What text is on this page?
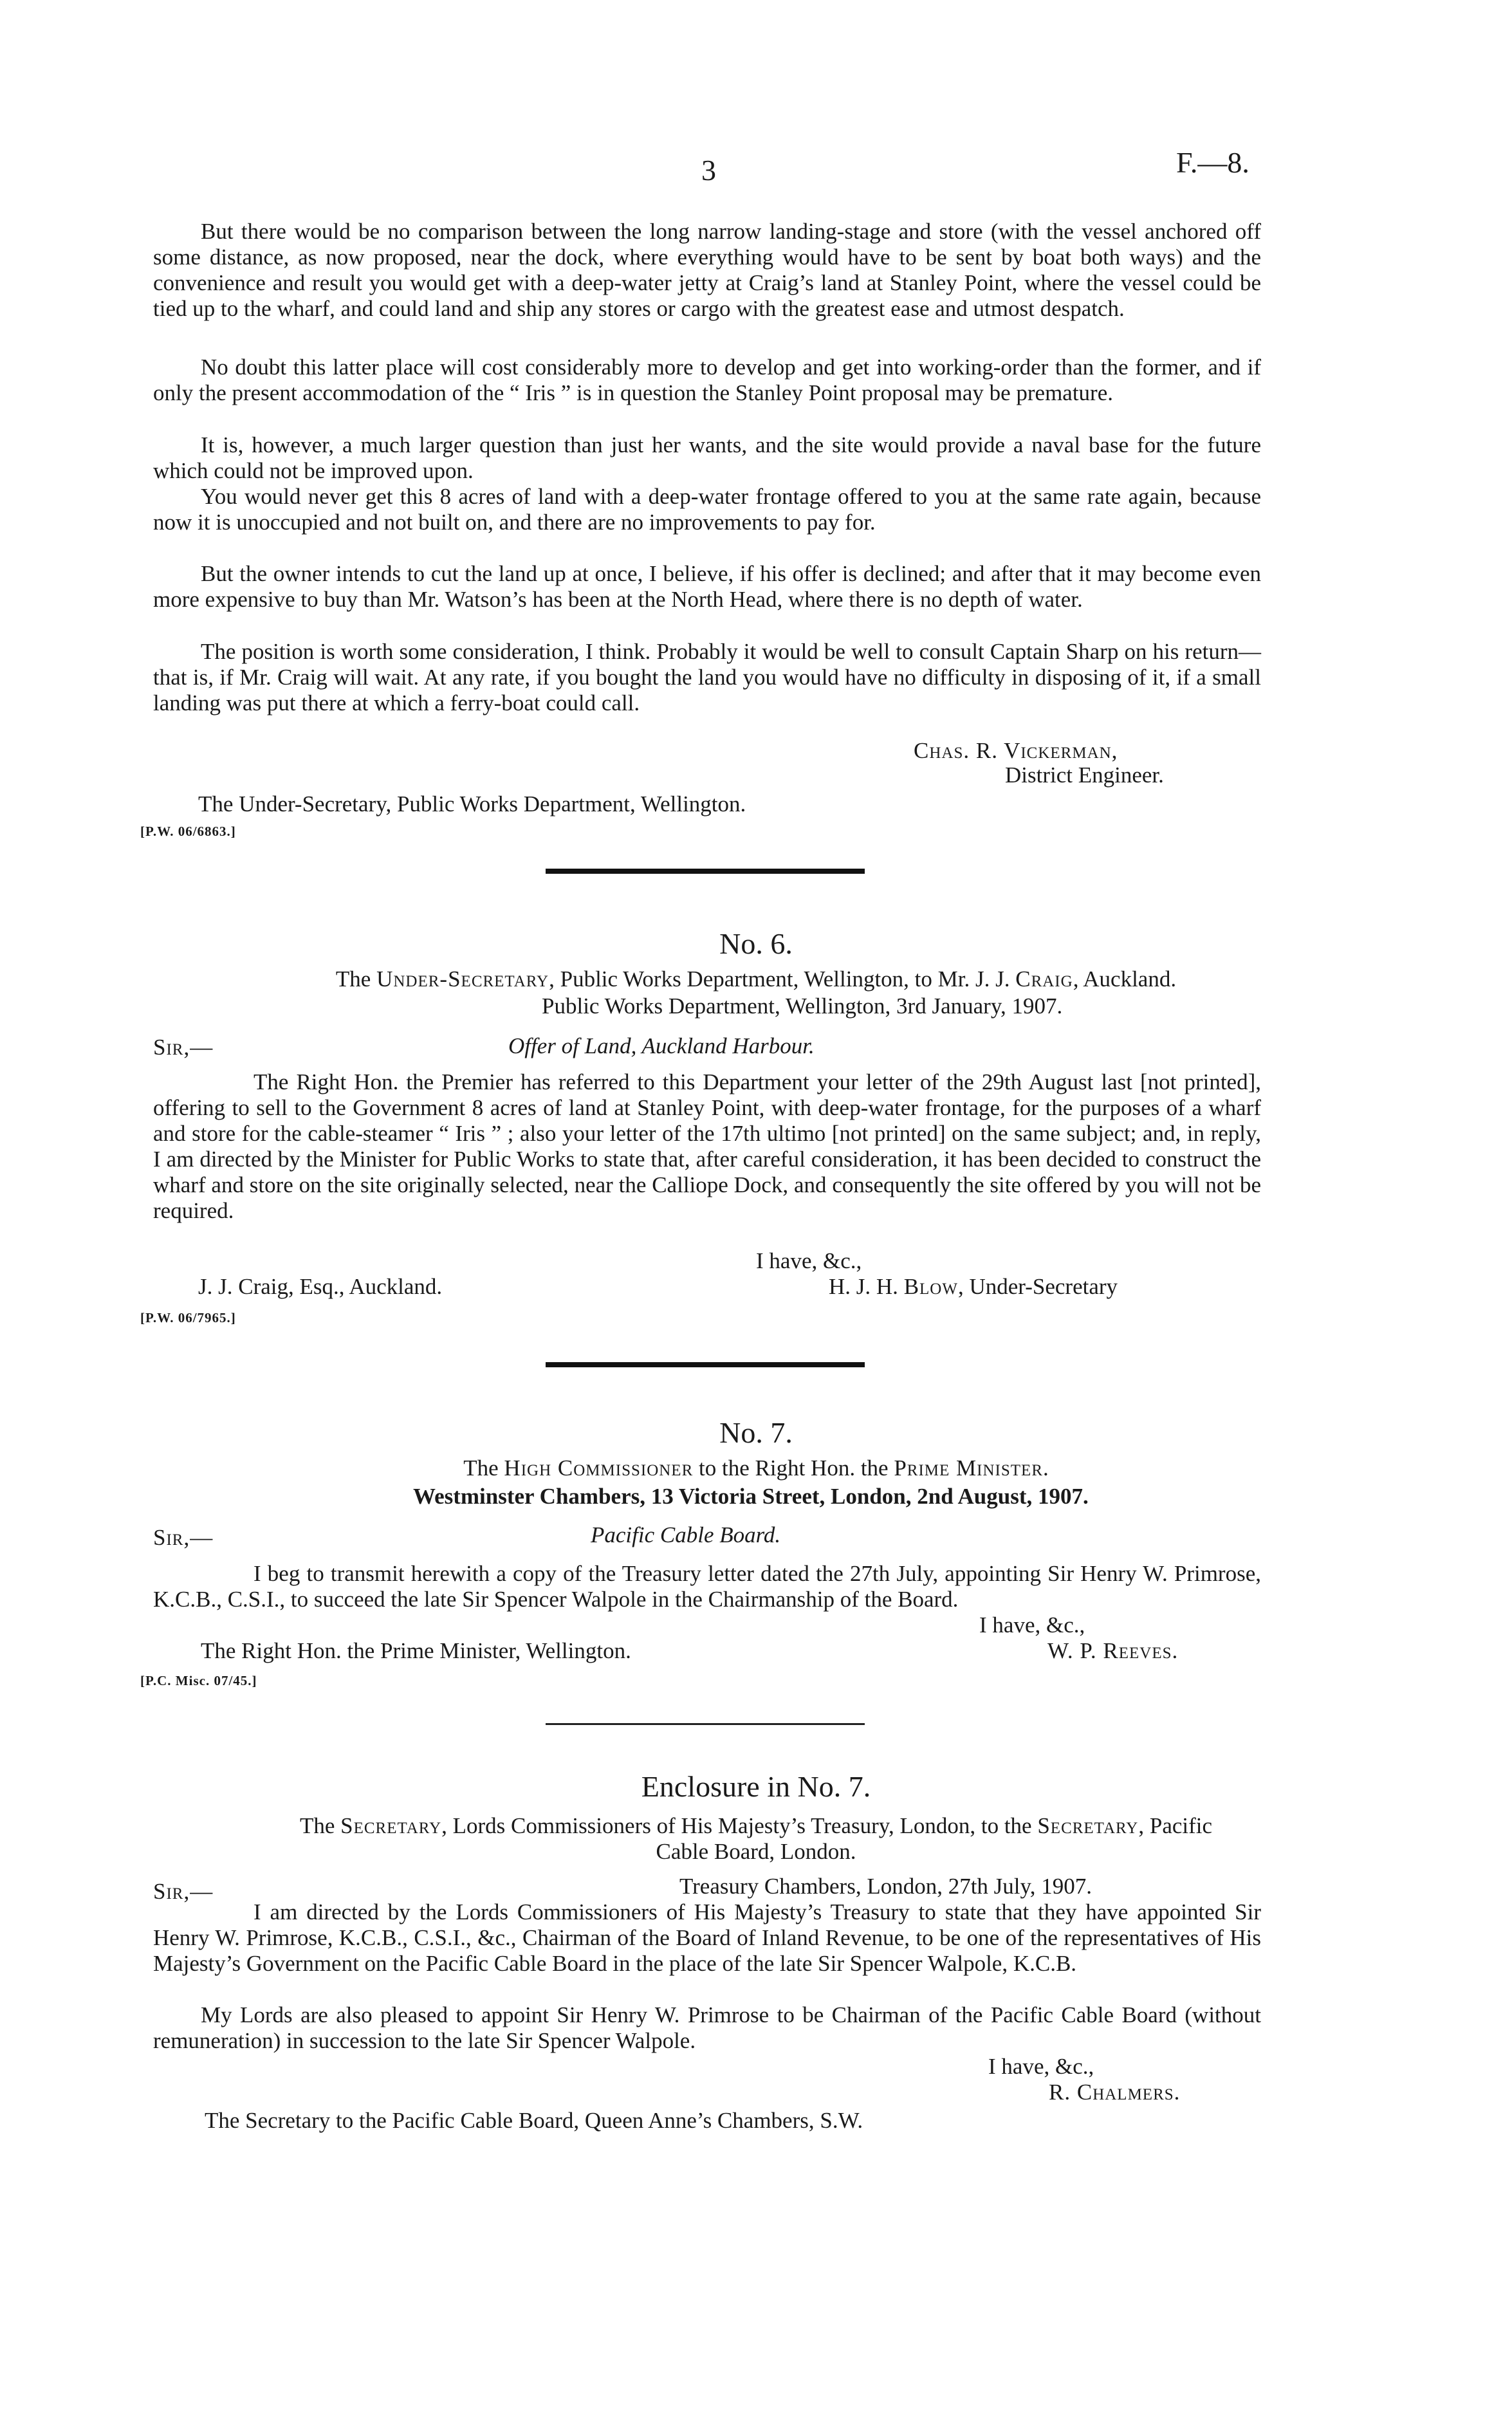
3	F.—8.

But there would be no comparison between the long narrow landing-stage and store (with the vessel anchored off some distance, as now proposed, near the dock, where everything would have to be sent by boat both ways) and the convenience and result you would get with a deep-water jetty at Craig’s land at Stanley Point, where the vessel could be tied up to the wharf, and could land and ship any stores or cargo with the greatest ease and utmost despatch.

No doubt this latter place will cost considerably more to develop and get into working-order than the former, and if only the present accommodation of the “ Iris ” is in question the Stanley Point proposal may be premature.

It is, however, a much larger question than just her wants, and the site would provide a naval base for the future which could not be improved upon.

You would never get this 8 acres of land with a deep-water frontage offered to you at the same rate again, because now it is unoccupied and not built on, and there are no improvements to pay for.

But the owner intends to cut the land up at once, I believe, if his offer is declined; and after that it may become even more expensive to buy than Mr. Watson’s has been at the North Head, where there is no depth of water.

The position is worth some consideration, I think. Probably it would be well to consult Captain Sharp on his return—that is, if Mr. Craig will wait. At any rate, if you bought the land you would have no difficulty in disposing of it, if a small landing was put there at which a ferry-boat could call.

Chas. R. Vickerman,
District Engineer.
The Under-Secretary, Public Works Department, Wellington.
[P.W. 06/6863.]
No. 6.
The Under-Secretary, Public Works Department, Wellington, to Mr. J. J. Craig, Auckland.
Public Works Department, Wellington, 3rd January, 1907.
Sir,—	Offer of Land, Auckland Harbour.

The Right Hon. the Premier has referred to this Department your letter of the 29th August last [not printed], offering to sell to the Government 8 acres of land at Stanley Point, with deep-water frontage, for the purposes of a wharf and store for the cable-steamer “ Iris ” ; also your letter of the 17th ultimo [not printed] on the same subject; and, in reply, I am directed by the Minister for Public Works to state that, after careful consideration, it has been decided to construct the wharf and store on the site originally selected, near the Calliope Dock, and consequently the site offered by you will not be required.

I have, &c.,
J. J. Craig, Esq., Auckland.	H. J. H. Blow, Under-Secretary
[P.W. 06/7965.]
No. 7.
The High Commissioner to the Right Hon. the Prime Minister.
Westminster Chambers, 13 Victoria Street, London, 2nd August, 1907.
Sir,—	Pacific Cable Board.

I beg to transmit herewith a copy of the Treasury letter dated the 27th July, appointing Sir Henry W. Primrose, K.C.B., C.S.I., to succeed the late Sir Spencer Walpole in the Chairmanship of the Board.

I have, &c.,
The Right Hon. the Prime Minister, Wellington.	W. P. Reeves.
[P.C. Misc. 07/45.]
Enclosure in No. 7.
The Secretary, Lords Commissioners of His Majesty’s Treasury, London, to the Secretary, Pacific
Cable Board, London.
Sir,—	Treasury Chambers, London, 27th July, 1907.

I am directed by the Lords Commissioners of His Majesty’s Treasury to state that they have appointed Sir Henry W. Primrose, K.C.B., C.S.I., &c., Chairman of the Board of Inland Revenue, to be one of the representatives of His Majesty’s Government on the Pacific Cable Board in the place of the late Sir Spencer Walpole, K.C.B.

My Lords are also pleased to appoint Sir Henry W. Primrose to be Chairman of the Pacific Cable Board (without remuneration) in succession to the late Sir Spencer Walpole.

I have, &c.,
R. Chalmers.
The Secretary to the Pacific Cable Board, Queen Anne’s Chambers, S.W.
